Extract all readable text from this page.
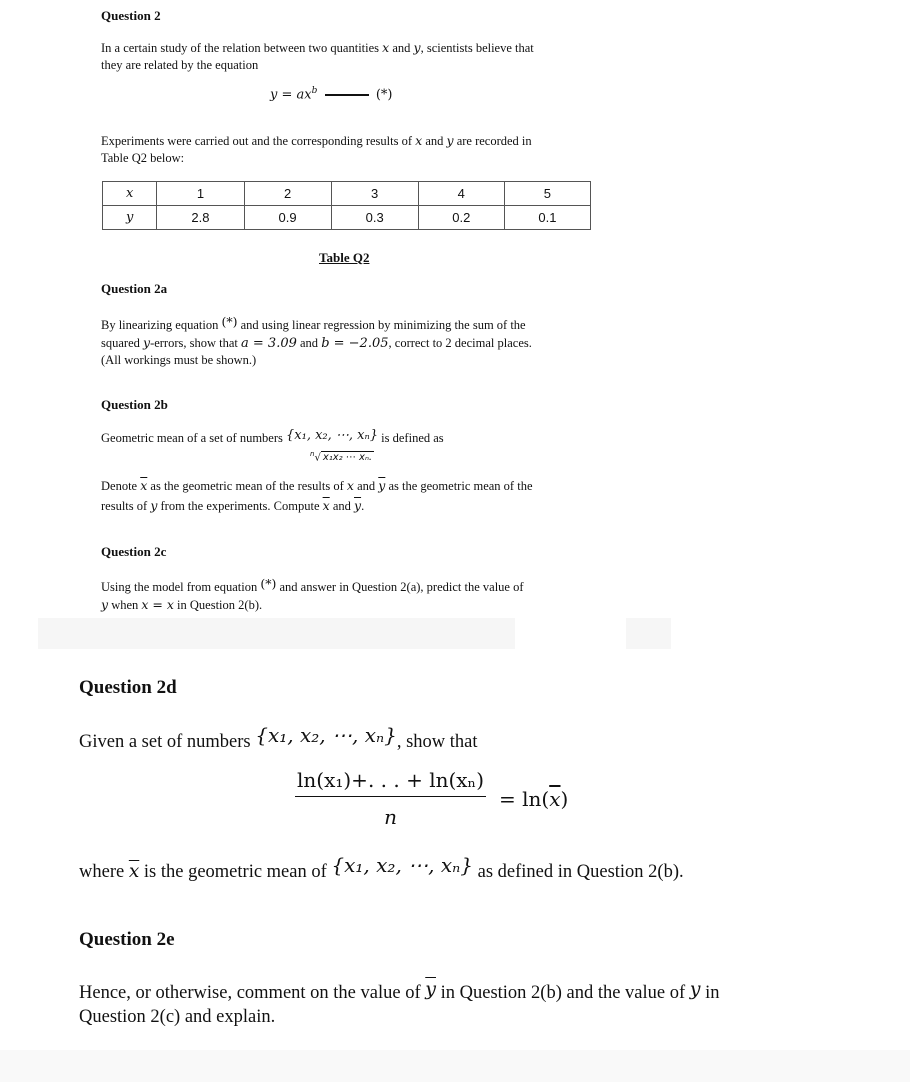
Question 2
In a certain study of the relation between two quantities x and y, scientists believe that
they are related by the equation
$y = ax^b$	(*)
Experiments were carried out and the corresponding results of x and y are recorded in
Table Q2 below:
x	1	2	3	4	5
y	2.8	0.9	0.3	0.2	0.1
Table Q2
Question 2a
By linearizing equation (*) and using linear regression by minimizing the sum of the
squared y-errors, show that a = 3.09 and b = −2.05, correct to 2 decimal places.
(All workings must be shown.)
Question 2b
Geometric mean of a set of numbers {x₁, x₂, ⋯, xₙ} is defined as
$^n$√ x₁x₂ ⋯ xₙ.
Denote $\overline{x}$ as the geometric mean of the results of x and $\overline{y}$ as the geometric mean of the
results of y from the experiments. Compute $\overline{x}$ and $\overline{y}$.
Question 2c
Using the model from equation (*) and answer in Question 2(a), predict the value of
y when x = x in Question 2(b).
Question 2d
Given a set of numbers {x₁, x₂, ⋯, xₙ}, show that
$\frac{\text{ln(x₁)+. . . + ln(xₙ)}}{n} = \ln(\overline{x})$
where $\overline{x}$ is the geometric mean of {x₁, x₂, ⋯, xₙ} as defined in Question 2(b).
Question 2e
Hence, or otherwise, comment on the value of $\overline{y}$ in Question 2(b) and the value of y in
Question 2(c) and explain.
